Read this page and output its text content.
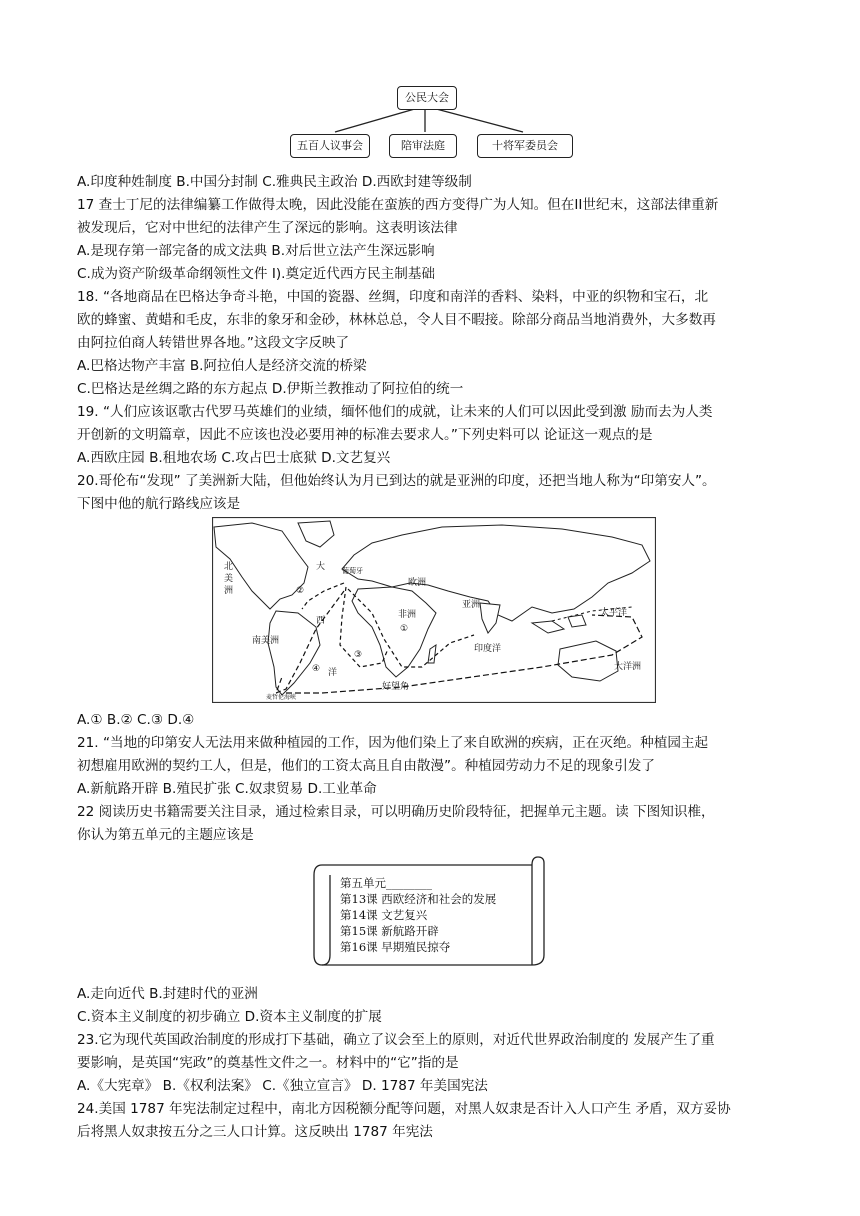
公民大会
五百人议事会	陪审法庭	十将军委员会
A.印度种姓制度 B.中国分封制 C.雅典民主政治 D.西欧封建等级制
17 查士丁尼的法律编纂工作做得太晚，因此没能在蛮族的西方变得广为人知。但在II世纪末，这部法律重新
被发现后，它对中世纪的法律产生了深远的影响。这表明该法律
A.是现存第一部完备的成文法典 B.对后世立法产生深远影响
C.成为资产阶级革命纲领性文件 I).奠定近代西方民主制基础
18. “各地商品在巴格达争奇斗艳，中国的瓷器、丝绸，印度和南洋的香料、染料，中亚的织物和宝石，北
欧的蜂蜜、黄蜡和毛皮，东非的象牙和金砂，林林总总，令人目不暇接。除部分商品当地消费外，大多数再
由阿拉伯商人转错世界各地。”这段文字反映了
A.巴格达物产丰富 B.阿拉伯人是经济交流的桥梁
C.巴格达是丝绸之路的东方起点 D.伊斯兰教推动了阿拉伯的统一
19. “人们应该讴歌古代罗马英雄们的业绩，缅怀他们的成就，让未来的人们可以因此受到激 励而去为人类
开创新的文明篇章，因此不应该也没必要用神的标准去要求人。”下列史料可以 论证这一观点的是
A.西欧庄园 B.租地农场 C.攻占巴士底狱 D.文艺复兴
20.哥伦布“发现” 了美洲新大陆，但他始终认为月已到达的就是亚洲的印度，还把当地人称为“印第安人”。
下图中他的航行路线应该是
北
美
洲
大 葡萄牙
欧洲
西
亚洲
太平洋
非洲
南美洲
印度洋
洋
好望角
大洋洲
麦哲伦海峡
①
②
③
④
A.① B.② C.③ D.④
21. “当地的印第安人无法用来做种植园的工作，因为他们染上了来自欧洲的疾病，正在灭绝。种植园主起
初想雇用欧洲的契约工人，但是，他们的工资太高且自由散漫”。种植园劳动力不足的现象引发了
A.新航路开辟 B.殖民扩张 C.奴隶贸易 D.工业革命
22 阅读历史书籍需要关注目录，通过检索目录，可以明确历史阶段特征，把握单元主题。读 下图知识椎，
你认为第五单元的主题应该是
第五单元________
第13课 西欧经济和社会的发展
第14课 文艺复兴
第15课 新航路开辟
第16课 早期殖民掠夺
A.走向近代 B.封建时代的亚洲
C.资本主义制度的初步确立 D.资本主义制度的扩展
23.它为现代英国政治制度的形成打下基础，确立了议会至上的原则，对近代世界政治制度的 发展产生了重
要影响，是英国“宪政”的奠基性文件之一。材料中的“它”指的是
A.《大宪章》 B.《权利法案》 C.《独立宣言》 D. 1787 年美国宪法
24.美国 1787 年宪法制定过程中，南北方因税额分配等问题，对黑人奴隶是否计入人口产生 矛盾，双方妥协
后将黑人奴隶按五分之三人口计算。这反映出 1787 年宪法
